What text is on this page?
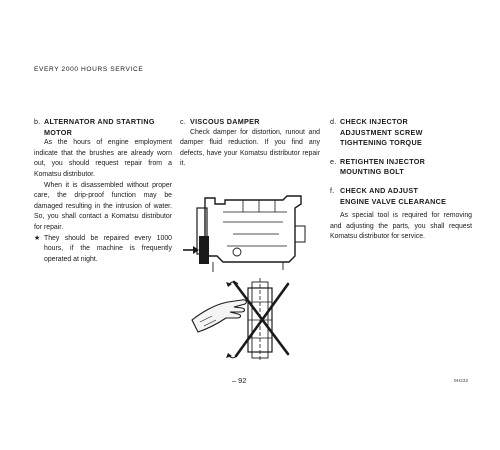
EVERY 2000 HOURS SERVICE
b. ALTERNATOR AND STARTING
MOTOR

As the hours of engine employment indicate that the brushes are already worn out, you should request repair from a Komatsu distributor.

When it is disassembled without proper care, the drip-proof function may be damaged resulting in the intrusion of water. So, you shall contact a Komatsu distributor for repair.

★ They should be repaired every 1000 hours, if the machine is frequently operated at night.

c. VISCOUS DAMPER

Check damper for distortion, runout and damper fluid reduction. If you find any defects, have your Komatsu distributor repair it.

d. CHECK INJECTOR
ADJUSTMENT SCREW
TIGHTENING TORQUE
e. RETIGHTEN INJECTOR
MOUNTING BOLT
f. CHECK AND ADJUST
ENGINE VALVE CLEARANCE

As special tool is required for removing and adjusting the parts, you shall request Komatsu distributor for service.

– 92	9H232
